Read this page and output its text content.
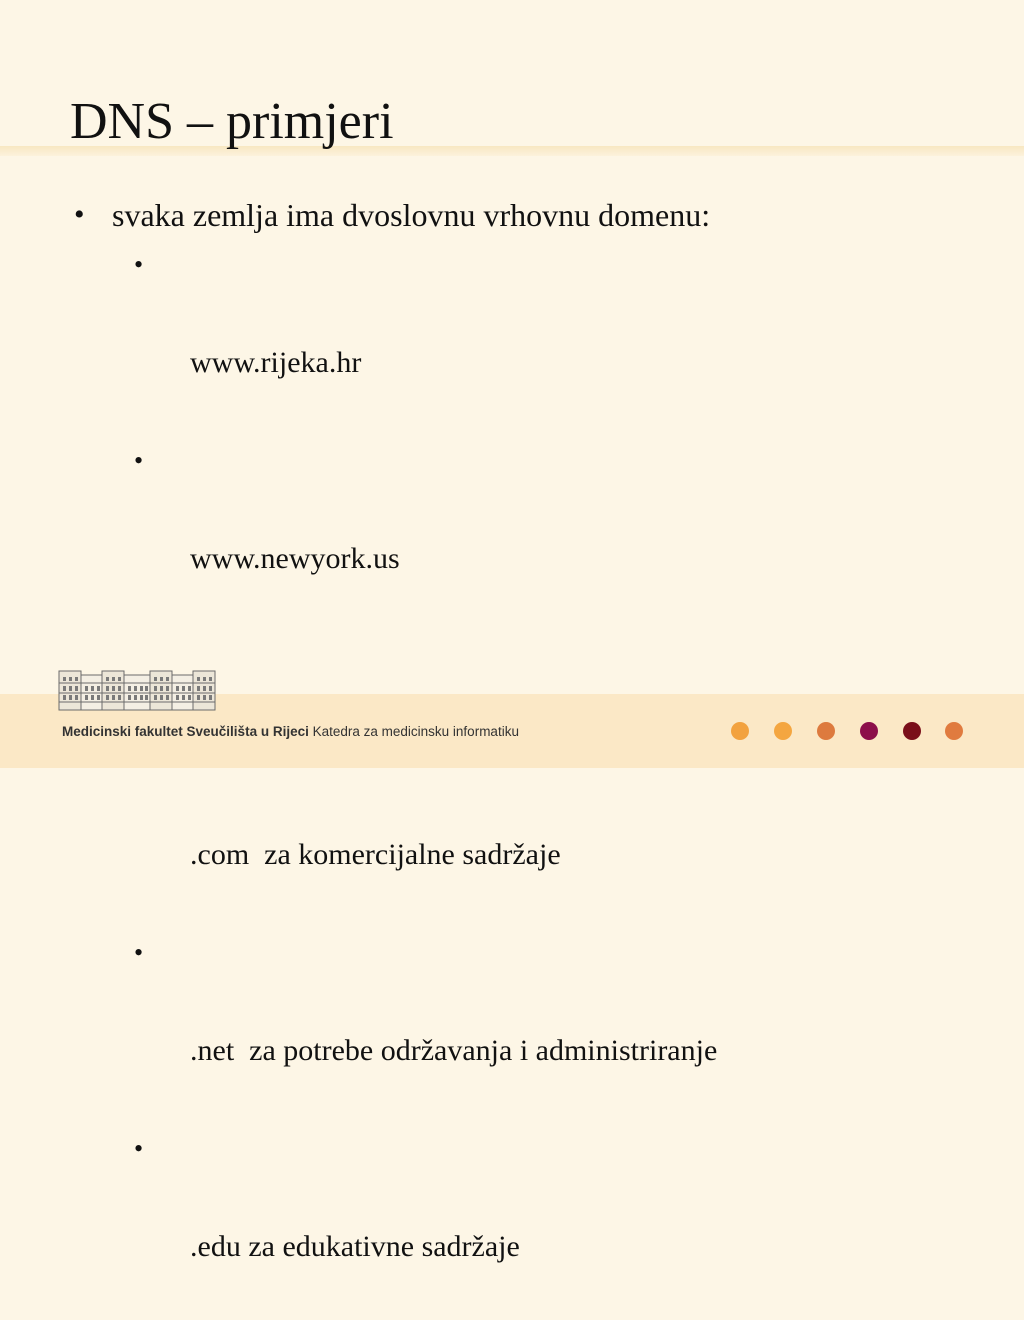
DNS – primjeri
• svaka zemlja ima dvoslovnu vrhovnu domenu:

•

www.rijeka.hr

•

www.newyork.us

.com  za komercijalne sadržaje

•

.net  za potrebe održavanja i administriranje

•

.edu za edukativne sadržaje

Medicinski fakultet Sveučilišta u Rijeci Katedra za medicinsku informatiku
